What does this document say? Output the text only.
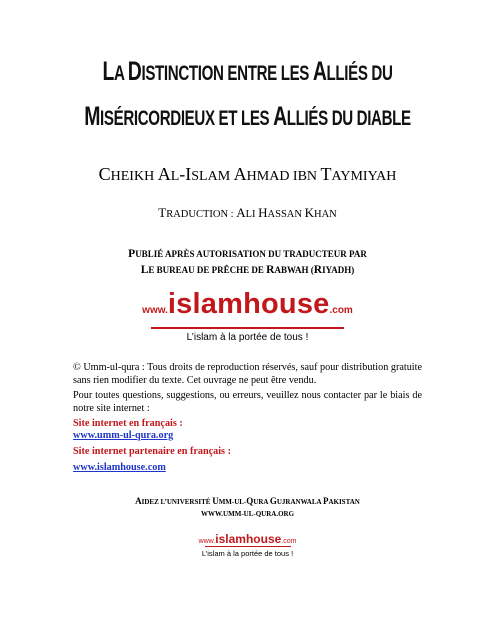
LA DISTINCTION ENTRE LES ALLIÉS DU
MISÉRICORDIEUX ET LES ALLIÉS DU DIABLE
CHEIKH AL-ISLAM AHMAD IBN TAYMIYAH
TRADUCTION : ALI HASSAN KHAN
PUBLIÉ APRÈS AUTORISATION DU TRADUCTEUR PAR
LE BUREAU DE PRÊCHE DE RABWAH (RIYADH)
www.islamhouse.com
L’islam à la portée de tous !
© Umm-ul-qura : Tous droits de reproduction réservés, sauf pour distribution gratuite sans rien modifier du texte. Cet ouvrage ne peut être vendu.
Pour toutes questions, suggestions, ou erreurs, veuillez nous contacter par le biais de notre site internet :
Site internet en français :
www.umm-ul-qura.org
Site internet partenaire en français :
www.islamhouse.com
AIDEZ L’UNIVERSITÉ UMM-UL-QURA GUJRANWALA PAKISTAN
WWW.UMM-UL-QURA.ORG
www.islamhouse.com
L’islam à la portée de tous !
